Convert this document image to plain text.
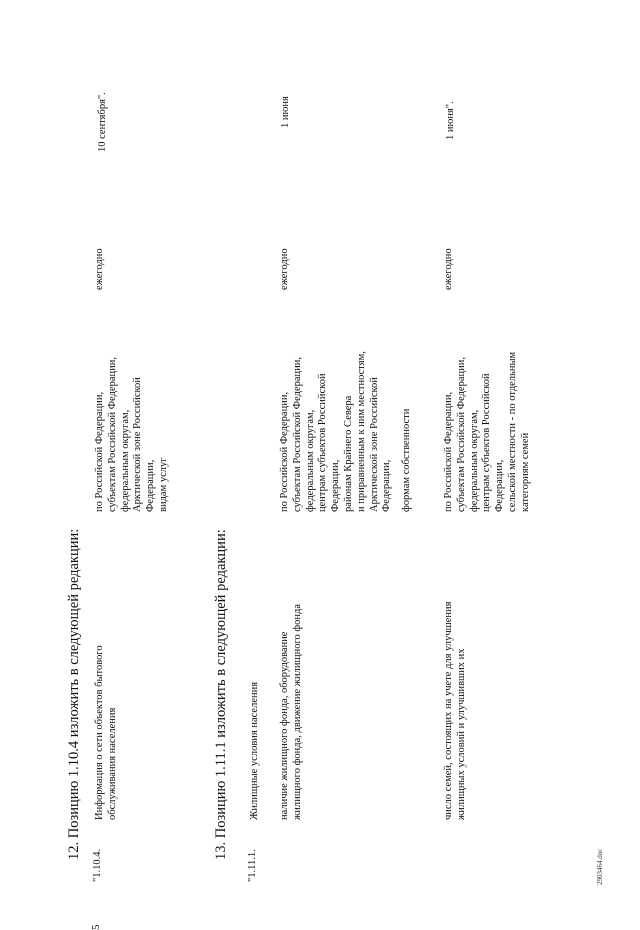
5
12. Позицию 1.10.4 изложить в следующей редакции:
"1.10.4.
Информация о сети объектов бытового обслуживания населения
по Российской Федерации, субъектам Российской Федерации, федеральным округам, Арктической зоне Российской Федерации, видам услуг
ежегодно
10 сентября".
13. Позицию 1.11.1 изложить в следующей редакции:
"1.11.1.
Жилищные условия населения наличие жилищного фонда, оборудование жилищного фонда, движение жилищного фонда
по Российской Федерации, субъектам Российской Федерации, федеральным округам, центрам субъектов Российской Федерации, районам Крайнего Севера и приравненным к ним местностям, Арктической зоне Российской Федерации, формам собственности
ежегодно
1 июня
число семей, состоящих на учете для улучшения жилищных условий и улучшивших их
по Российской Федерации, субъектам Российской Федерации, федеральным округам, центрам субъектов Российской Федерации, сельской местности - по отдельным категориям семей
ежегодно
1 июня".
2903464.doc
